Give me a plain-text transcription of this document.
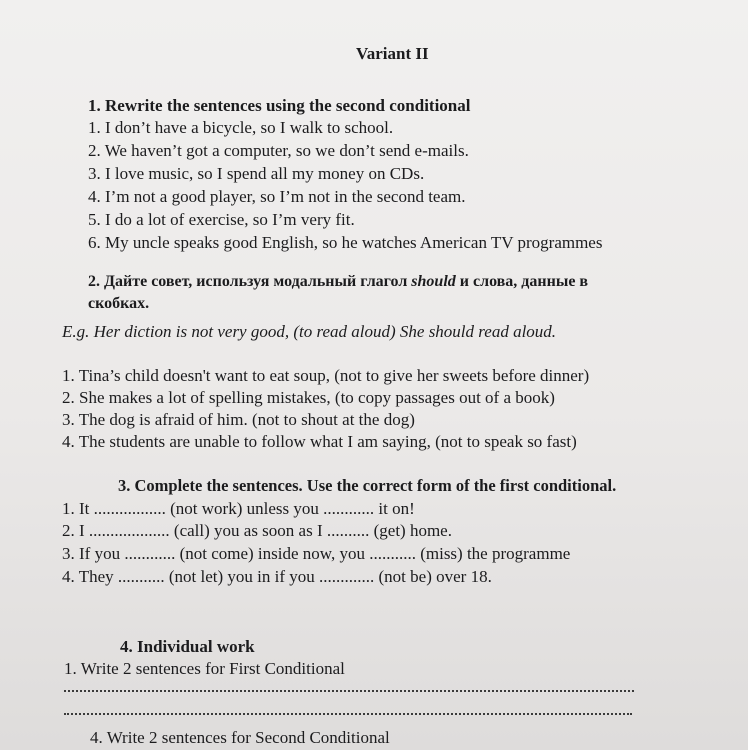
Variant II
1. Rewrite the sentences using the second conditional
1. I don’t have a bicycle, so I walk to school.
2. We haven’t got a computer, so we don’t send e-mails.
3. I love music, so I spend all my money on CDs.
4. I’m not a good player, so I’m not in the second team.
5. I do a lot of exercise, so I’m very fit.
6. My uncle speaks good English, so he watches American TV programmes
2. Дайте совет, используя модальный глагол should и слова, данные в
скобках.
E.g. Her diction is not very good, (to read aloud) She should read aloud.
1. Tina’s child doesn't want to eat soup, (not to give her sweets before dinner)
2. She makes a lot of spelling mistakes, (to copy passages out of a book)
3. The dog is afraid of him. (not to shout at the dog)
4. The students are unable to follow what I am saying, (not to speak so fast)
3. Complete the sentences. Use the correct form of the first conditional.
1. It ................. (not work) unless you ............ it on!
2. I ................... (call) you as soon as I .......... (get) home.
3. If you ............ (not come) inside now, you ........... (miss) the programme
4. They ........... (not let) you in if you ............. (not be) over 18.
4. Individual work
1. Write 2 sentences for First Conditional
4. Write 2 sentences for Second Conditional
